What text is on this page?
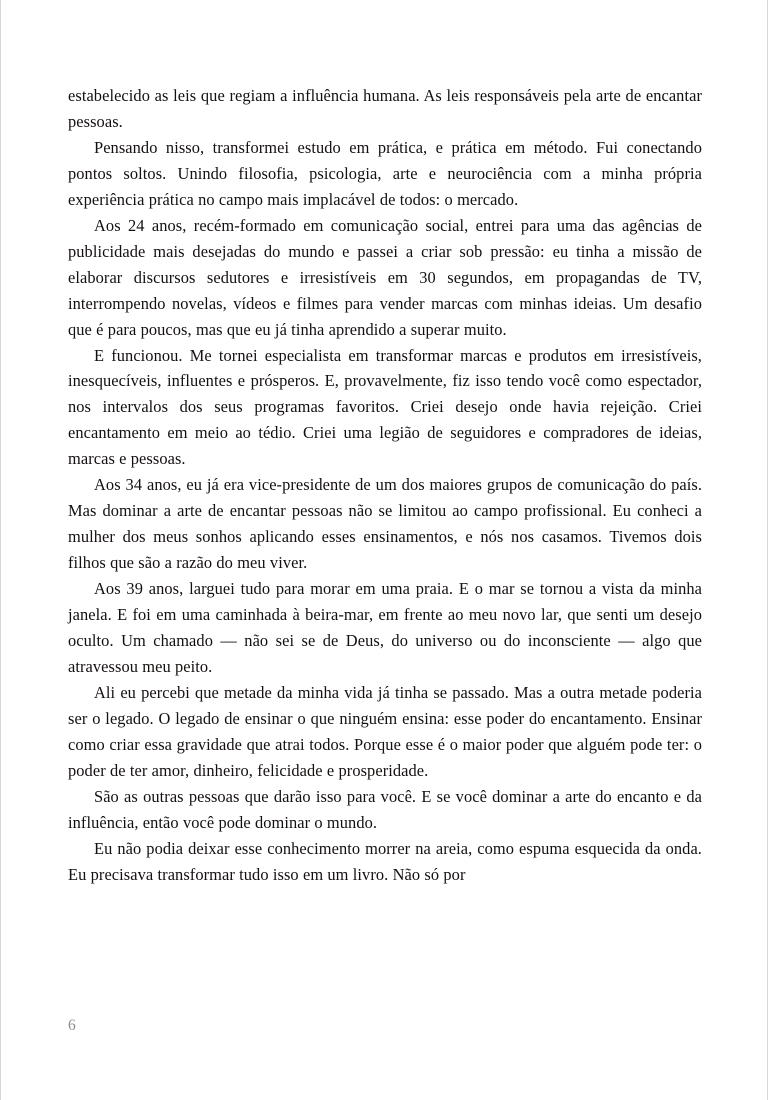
estabelecido as leis que regiam a influência humana. As leis responsáveis pela arte de encantar pessoas.

Pensando nisso, transformei estudo em prática, e prática em método. Fui conectando pontos soltos. Unindo filosofia, psicologia, arte e neurociência com a minha própria experiência prática no campo mais implacável de todos: o mercado.

Aos 24 anos, recém-formado em comunicação social, entrei para uma das agências de publicidade mais desejadas do mundo e passei a criar sob pressão: eu tinha a missão de elaborar discursos sedutores e irresistíveis em 30 segundos, em propagandas de TV, interrompendo novelas, vídeos e filmes para vender marcas com minhas ideias. Um desafio que é para poucos, mas que eu já tinha aprendido a superar muito.

E funcionou. Me tornei especialista em transformar marcas e produtos em irresistíveis, inesquecíveis, influentes e prósperos. E, provavelmente, fiz isso tendo você como espectador, nos intervalos dos seus programas favoritos. Criei desejo onde havia rejeição. Criei encantamento em meio ao tédio. Criei uma legião de seguidores e compradores de ideias, marcas e pessoas.

Aos 34 anos, eu já era vice-presidente de um dos maiores grupos de comunicação do país. Mas dominar a arte de encantar pessoas não se limitou ao campo profissional. Eu conheci a mulher dos meus sonhos aplicando esses ensinamentos, e nós nos casamos. Tivemos dois filhos que são a razão do meu viver.

Aos 39 anos, larguei tudo para morar em uma praia. E o mar se tornou a vista da minha janela. E foi em uma caminhada à beira-mar, em frente ao meu novo lar, que senti um desejo oculto. Um chamado — não sei se de Deus, do universo ou do inconsciente — algo que atravessou meu peito.

Ali eu percebi que metade da minha vida já tinha se passado. Mas a outra metade poderia ser o legado. O legado de ensinar o que ninguém ensina: esse poder do encantamento. Ensinar como criar essa gravidade que atrai todos. Porque esse é o maior poder que alguém pode ter: o poder de ter amor, dinheiro, felicidade e prosperidade.

São as outras pessoas que darão isso para você. E se você dominar a arte do encanto e da influência, então você pode dominar o mundo.

Eu não podia deixar esse conhecimento morrer na areia, como espuma esquecida da onda. Eu precisava transformar tudo isso em um livro. Não só por

6
